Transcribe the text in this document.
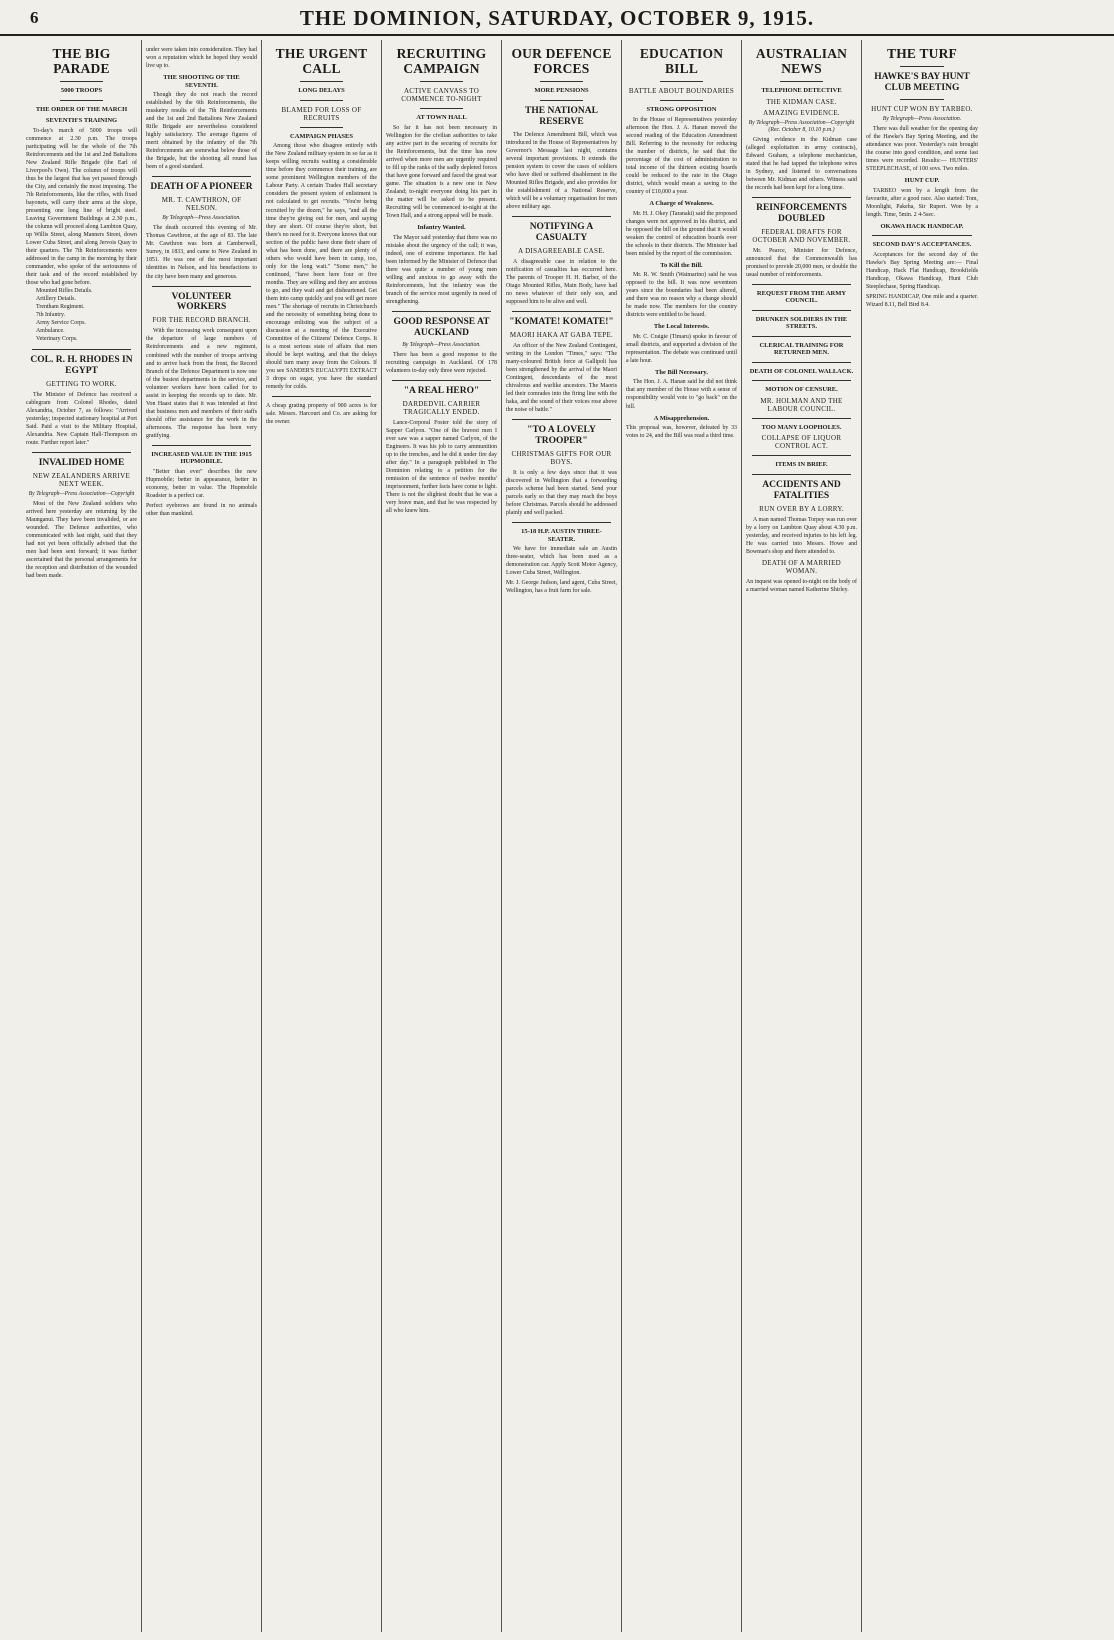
6	THE DOMINION, SATURDAY, OCTOBER 9, 1915.
THE BIG PARADE
5000 TROOPS
THE ORDER OF THE MARCH
SEVENTH'S TRAINING
To-day's march of 5000 troops will commence at 2.30 p.m. The troops participating will be the whole of the 7th Reinforcements and the 1st and 2nd Battalions New Zealand Rifle Brigade (the Earl of Liverpool's Own). The column of troops will thus be the largest that has yet passed through the City, and certainly the most imposing. The 7th Reinforcements, like the rifles, with fixed bayonets, will carry their arms at the slope, presenting one long line of bright steel. Leaving Government Buildings at 2.30 p.m., the column will proceed along Lambton Quay, up Willis Street, along Manners Street, down Lower Cuba Street, and along Jervois Quay to their quarters. The 7th Reinforcements were addressed in the camp in the morning by their commander, who spoke of the seriousness of their task and of the record established by those who had gone before.
Mounted Rifles Details.
Artillery Details.
Trentham Regiment.
7th Infantry.
Army Service Corps.
Ambulance.
Veterinary Corps.
COL. R. H. RHODES IN EGYPT
GETTING TO WORK.
The Minister of Defence has received a cablegram from Colonel Rhodes, dated Alexandria, October 7, as follows: "Arrived yesterday; inspected stationary hospital at Port Said. Paid a visit to the Military Hospital, Alexandria. New Captain Hall-Thompson en route. Further report later."
INVALIDED HOME
NEW ZEALANDERS ARRIVE NEXT WEEK.
By Telegraph—Press Association—Copyright
Most of the New Zealand soldiers who arrived here yesterday are returning by the Maunganui. They have been invalided, or are wounded. The Defence authorities, who communicated with last night, said that they had not yet been officially advised that the men had been sent forward; it was further ascertained that the personal arrangements for the reception and distribution of the wounded had been made.
under were taken into consideration. They had won a reputation which he hoped they would live up to.
THE SHOOTING OF THE SEVENTH.
Though they do not reach the record established by the 6th Reinforcements, the musketry results of the 7th Reinforcements and the 1st and 2nd Battalions New Zealand Rifle Brigade are nevertheless considered highly satisfactory. The average figures of merit obtained by the infantry of the 7th Reinforcements are somewhat below those of the Brigade, but the shooting all round has been of a good standard.
DEATH OF A PIONEER
MR. T. CAWTHRON, OF NELSON.
By Telegraph—Press Association.
The death occurred this evening of Mr. Thomas Cawthron, at the age of 83. The late Mr. Cawthron was born at Camberwell, Surrey, in 1833, and came to New Zealand in 1851. He was one of the most important identities in Nelson, and his benefactions to the city have been many and generous.
VOLUNTEER WORKERS
FOR THE RECORD BRANCH.
With the increasing work consequent upon the departure of large numbers of Reinforcements and a new regiment, combined with the number of troops arriving and to arrive back from the front, the Record Branch of the Defence Department is now one of the busiest departments in the service, and volunteer workers have been called for to assist in keeping the records up to date. Mr. Von Haast states that it was intended at first that business men and members of their staffs should offer assistance for the work in the afternoons. The response has been very gratifying.
INCREASED VALUE IN THE 1915 HUPMOBILE.
"Better than ever" describes the new Hupmobile; better in appearance, better in economy, better in value. The Hupmobile Roadster is a perfect car.
Perfect eyebrows are found in no animals other than mankind.
THE URGENT CALL
LONG DELAYS
BLAMED FOR LOSS OF RECRUITS
CAMPAIGN PHASES
Among those who disagree entirely with the New Zealand military system in so far as it keeps willing recruits waiting a considerable time before they commence their training, are some prominent Wellington members of the Labour Party. A certain Trades Hall secretary considers the present system of enlistment is not calculated to get recruits. "You're being recruited by the dozen," he says, "and all the time they're giving out for men, and saying they are short. Of course they're short, but there's no need for it. Everyone knows that our section of the public have done their share of what has been done, and there are plenty of others who would have been in camp, too, only for the long wait." "Some men," he continued, "have been here four or five months. They are willing and they are anxious to go, and they wait and get disheartened. Get them into camp quickly and you will get more men." The shortage of recruits in Christchurch and the necessity of something being done to encourage enlisting was the subject of a discussion at a meeting of the Executive Committee of the Citizens' Defence Corps. It is a most serious state of affairs that men should be kept waiting, and that the delays should turn many away from the Colours. If you see SANDER'S EUCALYPTI EXTRACT 3 drops on sugar, you have the standard remedy for colds.
A cheap grating property of 900 acres is for sale. Messrs. Harcourt and Co. are asking for the owner.
RECRUITING CAMPAIGN
ACTIVE CANVASS TO COMMENCE TO-NIGHT
AT TOWN HALL
So far it has not been necessary in Wellington for the civilian authorities to take any active part in the securing of recruits for the Reinforcements, but the time has now arrived when more men are urgently required to fill up the ranks of the sadly depleted forces that have gone forward and faced the great war game. The situation is a new one in New Zealand; to-night everyone doing his part in the matter will be asked to be present. Recruiting will be commenced to-night at the Town Hall, and a strong appeal will be made.
Infantry Wanted.
The Mayor said yesterday that there was no mistake about the urgency of the call; it was, indeed, one of extreme importance. He had been informed by the Minister of Defence that there was quite a number of young men willing and anxious to go away with the Reinforcements, but the infantry was the branch of the service most urgently in need of strengthening.
GOOD RESPONSE AT AUCKLAND
By Telegraph—Press Association.
There has been a good response to the recruiting campaign in Auckland. Of 178 volunteers to-day only three were rejected.
"A REAL HERO"
DARDEDVIL CARRIER TRAGICALLY ENDED.
Lance-Corporal Foster told the story of Sapper Carlyon. "One of the bravest men I ever saw was a sapper named Carlyon, of the Engineers. It was his job to carry ammunition up to the trenches, and he did it under fire day after day." In a paragraph published in The Dominion relating to a petition for the remission of the sentence of twelve months' imprisonment, further facts have come to light. There is not the slightest doubt that he was a very brave man, and that he was respected by all who knew him.
OUR DEFENCE FORCES
MORE PENSIONS
THE NATIONAL RESERVE
The Defence Amendment Bill, which was introduced in the House of Representatives by Governor's Message last night, contains several important provisions. It extends the pension system to cover the cases of soldiers who have died or suffered disablement in the Mounted Rifles Brigade, and also provides for the establishment of a National Reserve, which will be a voluntary organisation for men above military age.
NOTIFYING A CASUALTY
A DISAGREEABLE CASE.
A disagreeable case in relation to the notification of casualties has occurred here. The parents of Trooper H. H. Barber, of the Otago Mounted Rifles, Main Body, have had no news whatever of their only son, and supposed him to be alive and well.
"KOMATE! KOMATE!"
MAORI HAKA AT GABA TEPE.
An officer of the New Zealand Contingent, writing in the London "Times," says: "The many-coloured British force at Gallipoli has been strengthened by the arrival of the Maori Contingent, descendants of the most chivalrous and warlike ancestors. The Maoris led their comrades into the firing line with the haka, and the sound of their voices rose above the noise of battle."
"TO A LOVELY TROOPER"
CHRISTMAS GIFTS FOR OUR BOYS.
It is only a few days since that it was discovered in Wellington that a forwarding parcels scheme had been started. Send your parcels early so that they may reach the boys before Christmas. Parcels should be addressed plainly and well packed.
15-18 H.P. AUSTIN THREE-SEATER.
We have for immediate sale an Austin three-seater, which has been used as a demonstration car. Apply Scott Motor Agency, Lower Cuba Street, Wellington.
Mr. J. George Judson, land agent, Cuba Street, Wellington, has a fruit farm for sale.
EDUCATION BILL
BATTLE ABOUT BOUNDARIES
STRONG OPPOSITION
In the House of Representatives yesterday afternoon the Hon. J. A. Hanan moved the second reading of the Education Amendment Bill. Referring to the necessity for reducing the number of districts, he said that the percentage of the cost of administration to total income of the thirteen existing boards could be reduced to the rate in the Otago district, which would mean a saving to the country of £10,000 a year.
A Charge of Weakness.
Mr. H. J. Okey (Taranaki) said the proposed changes were not approved in his district, and he opposed the bill on the ground that it would weaken the control of education boards over the schools in their districts. The Minister had been misled by the report of the commission.
To Kill the Bill.
Mr. R. W. Smith (Waimarino) said he was opposed to the bill. It was now seventeen years since the boundaries had been altered, and there was no reason why a change should be made now. The members for the country districts were entitled to be heard.
The Local Interests.
Mr. C. Craigie (Timaru) spoke in favour of small districts, and supported a division of the representation. The debate was continued until a late hour.
The Bill Necessary.
The Hon. J. A. Hanan said he did not think that any member of the House with a sense of responsibility would vote to "go back" on the bill.
A Misapprehension.
This proposal was, however, defeated by 33 votes to 24, and the Bill was read a third time.
AUSTRALIAN NEWS
TELEPHONE DETECTIVE
THE KIDMAN CASE.
AMAZING EVIDENCE.
By Telegraph—Press Association—Copyright (Rec. October 8, 10.10 p.m.)
Giving evidence in the Kidman case (alleged exploitation in army contracts), Edward Graham, a telephone mechanician, stated that he had tapped the telephone wires in Sydney, and listened to conversations between Mr. Kidman and others. Witness said the records had been kept for a long time.
REINFORCEMENTS DOUBLED
FEDERAL DRAFTS FOR OCTOBER AND NOVEMBER.
Mr. Pearce, Minister for Defence, announced that the Commonwealth has promised to provide 20,000 men, or double the usual number of reinforcements.
REQUEST FROM THE ARMY COUNCIL.
DRUNKEN SOLDIERS IN THE STREETS.
CLERICAL TRAINING FOR RETURNED MEN.
DEATH OF COLONEL WALLACK.
MOTION OF CENSURE.
MR. HOLMAN AND THE LABOUR COUNCIL.
TOO MANY LOOPHOLES.
COLLAPSE OF LIQUOR CONTROL ACT.
ITEMS IN BRIEF.
ACCIDENTS AND FATALITIES
RUN OVER BY A LORRY.
A man named Thomas Torpey was run over by a lorry on Lambton Quay about 4.30 p.m. yesterday, and received injuries to his left leg. He was carried into Messrs. Howe and Bowman's shop and there attended to.
DEATH OF A MARRIED WOMAN.
An inquest was opened to-night on the body of a married woman named Katherine Shirley.
THE TURF
HAWKE'S BAY HUNT CLUB MEETING
HUNT CUP WON BY TARBEO.
By Telegraph—Press Association.
There was dull weather for the opening day of the Hawke's Bay Spring Meeting, and the attendance was poor. Yesterday's rain brought the course into good condition, and some fast times were recorded. Results:— HUNTERS' STEEPLECHASE, of 100 sovs. Two miles.
HUNT CUP.
TARBEO won by a length from the favourite, after a good race. Also started: Tom, Moonlight, Pakeha, Sir Rupert. Won by a length. Time, 5min. 2 4-5sec.
OKAWA HACK HANDICAP.
SECOND DAY'S ACCEPTANCES.
Acceptances for the second day of the Hawke's Bay Spring Meeting are:— Final Handicap, Hack Flat Handicap, Brookfields Handicap, Okawa Handicap, Hunt Club Steeplechase, Spring Handicap.
SPRING HANDICAP, One mile and a quarter. Wizard 8.11, Bell Bird 8.4.
